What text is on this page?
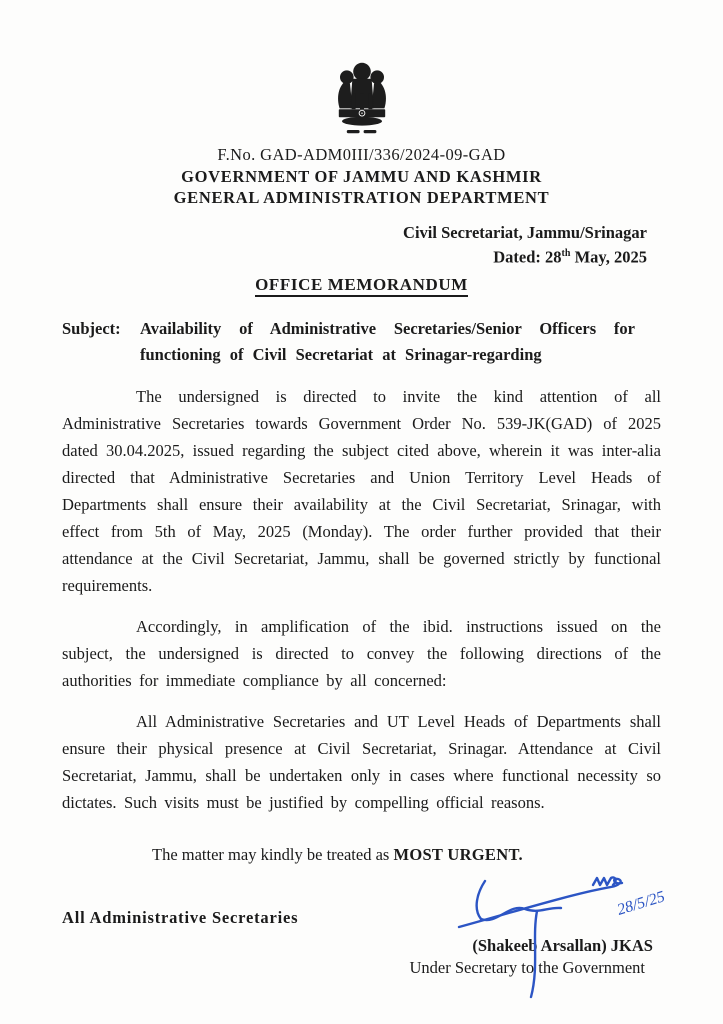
F.No. GAD-ADM0III/336/2024-09-GAD
GOVERNMENT OF JAMMU AND KASHMIR
GENERAL ADMINISTRATION DEPARTMENT
Civil Secretariat, Jammu/Srinagar
Dated: 28th May, 2025
OFFICE MEMORANDUM
Subject:	Availability of Administrative Secretaries/Senior Officers for functioning of Civil Secretariat at Srinagar-regarding

The undersigned is directed to invite the kind attention of all Administrative Secretaries towards Government Order No. 539-JK(GAD) of 2025 dated 30.04.2025, issued regarding the subject cited above, wherein it was inter-alia directed that Administrative Secretaries and Union Territory Level Heads of Departments shall ensure their availability at the Civil Secretariat, Srinagar, with effect from 5th of May, 2025 (Monday). The order further provided that their attendance at the Civil Secretariat, Jammu, shall be governed strictly by functional requirements.

Accordingly, in amplification of the ibid. instructions issued on the subject, the undersigned is directed to convey the following directions of the authorities for immediate compliance by all concerned:

All Administrative Secretaries and UT Level Heads of Departments shall ensure their physical presence at Civil Secretariat, Srinagar. Attendance at Civil Secretariat, Jammu, shall be undertaken only in cases where functional necessity so dictates. Such visits must be justified by compelling official reasons.

The matter may kindly be treated as MOST URGENT.
28/5/25
(Shakeeb Arsallan) JKAS
Under Secretary to the Government
All Administrative Secretaries
